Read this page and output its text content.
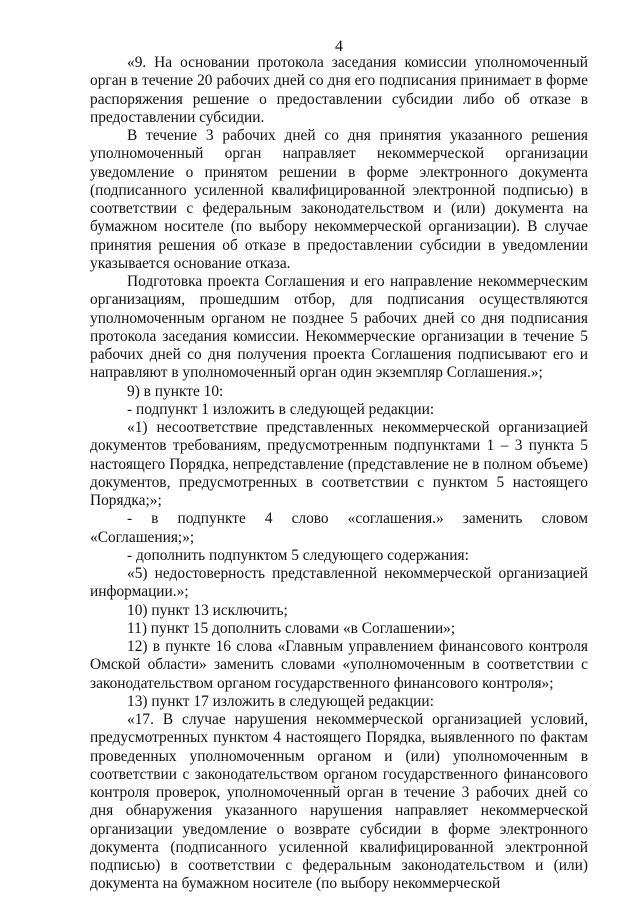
4

«9. На основании протокола заседания комиссии уполномоченный орган в течение 20 рабочих дней со дня его подписания принимает в форме распоряжения решение о предоставлении субсидии либо об отказе в предоставлении субсидии.

В течение 3 рабочих дней со дня принятия указанного решения уполномоченный орган направляет некоммерческой организации уведомление о принятом решении в форме электронного документа (подписанного усиленной квалифицированной электронной подписью) в соответствии с федеральным законодательством и (или) документа на бумажном носителе (по выбору некоммерческой организации). В случае принятия решения об отказе в предоставлении субсидии в уведомлении указывается основание отказа.

Подготовка проекта Соглашения и его направление некоммерческим организациям, прошедшим отбор, для подписания осуществляются уполномоченным органом не позднее 5 рабочих дней со дня подписания протокола заседания комиссии. Некоммерческие организации в течение 5 рабочих дней со дня получения проекта Соглашения подписывают его и направляют в уполномоченный орган один экземпляр Соглашения.»;

9) в пункте 10:

- подпункт 1 изложить в следующей редакции:

«1) несоответствие представленных некоммерческой организацией документов требованиям, предусмотренным подпунктами 1 – 3 пункта 5 настоящего Порядка, непредставление (представление не в полном объеме) документов, предусмотренных в соответствии с пунктом 5 настоящего Порядка;»;

- в подпункте 4 слово «соглашения.» заменить словом «Соглашения;»;

- дополнить подпунктом 5 следующего содержания:

«5) недостоверность представленной некоммерческой организацией информации.»;

10) пункт 13 исключить;

11) пункт 15 дополнить словами «в Соглашении»;

12) в пункте 16 слова «Главным управлением финансового контроля Омской области» заменить словами «уполномоченным в соответствии с законодательством органом государственного финансового контроля»;

13) пункт 17 изложить в следующей редакции:

«17. В случае нарушения некоммерческой организацией условий, предусмотренных пунктом 4 настоящего Порядка, выявленного по фактам проведенных уполномоченным органом и (или) уполномоченным в соответствии с законодательством органом государственного финансового контроля проверок, уполномоченный орган в течение 3 рабочих дней со дня обнаружения указанного нарушения направляет некоммерческой организации уведомление о возврате субсидии в форме электронного документа (подписанного усиленной квалифицированной электронной подписью) в соответствии с федеральным законодательством и (или) документа на бумажном носителе (по выбору некоммерческой
